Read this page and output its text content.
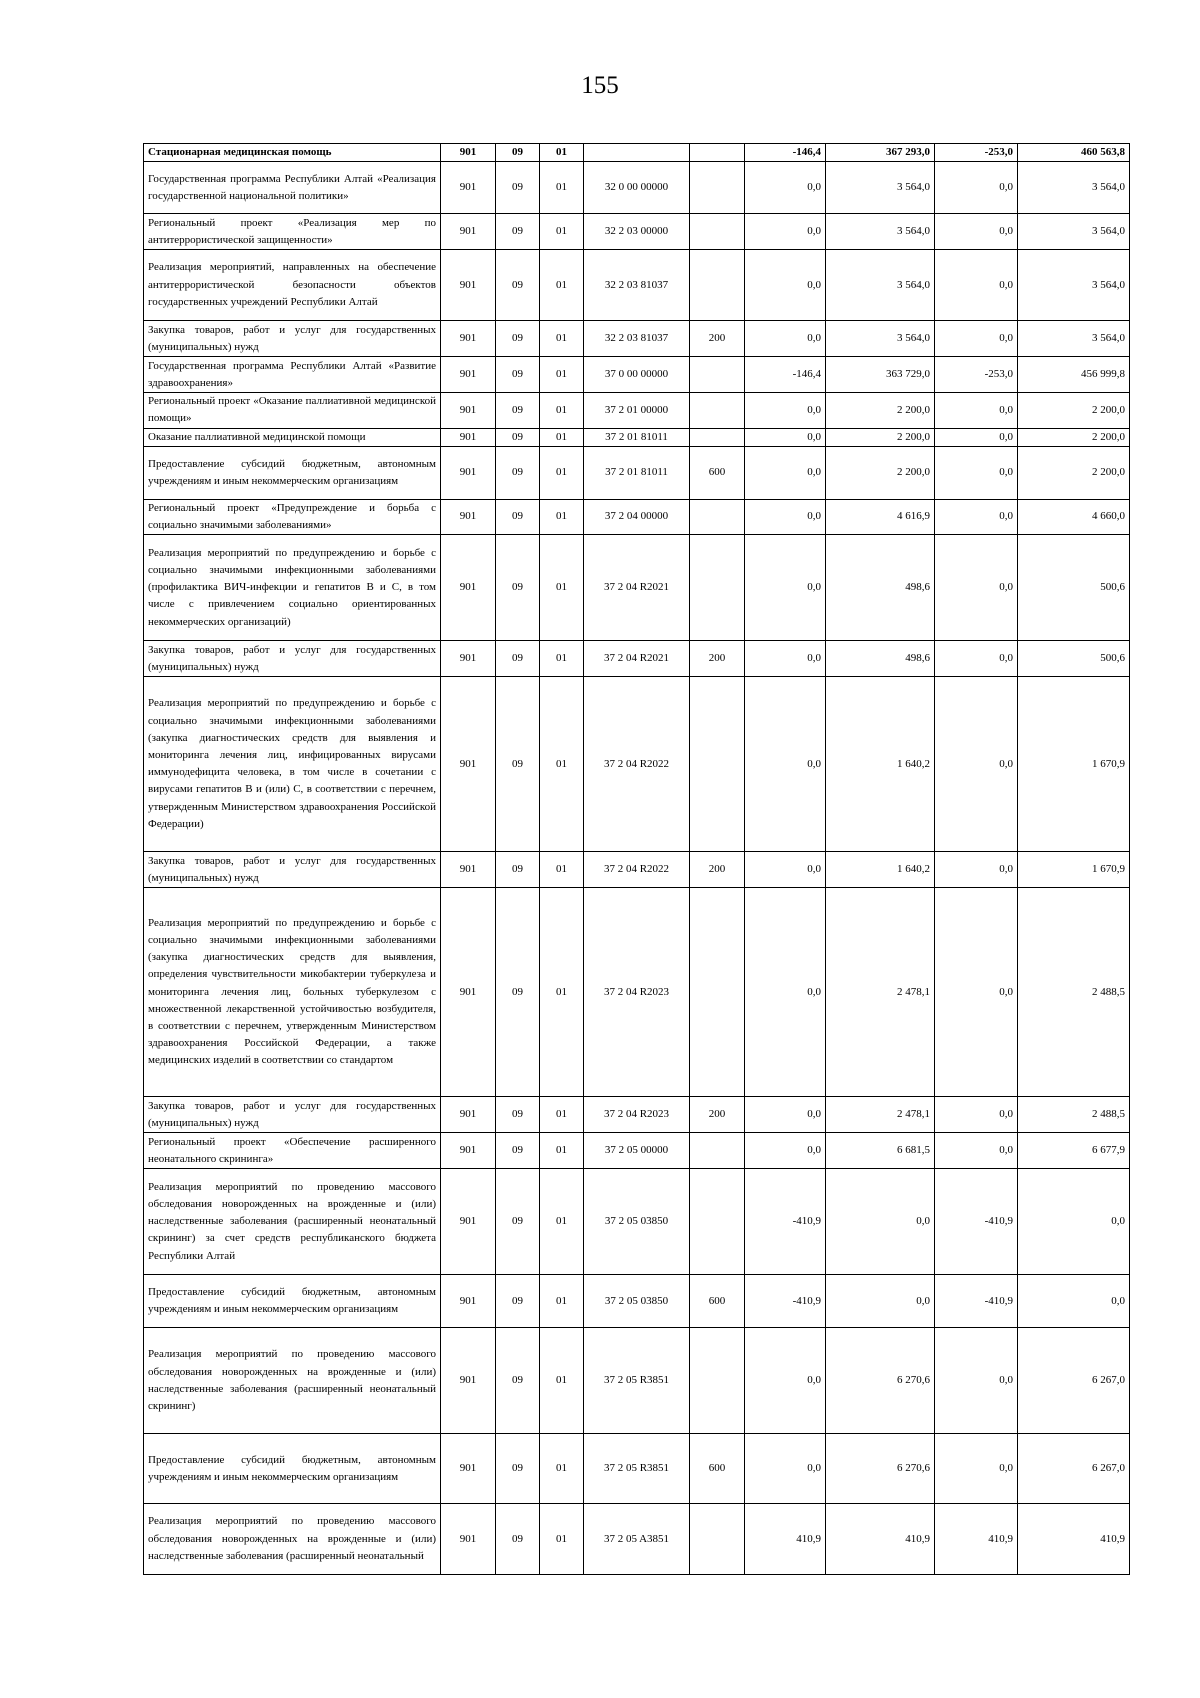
155
Стационарная медицинская помощь	901	09	01			-146,4	367 293,0	-253,0	460 563,8
Государственная программа Республики Алтай «Реализация государственной национальной политики»	901	09	01	32 0 00 00000		0,0	3 564,0	0,0	3 564,0
Региональный проект «Реализация мер по антитеррористической защищенности»	901	09	01	32 2 03 00000		0,0	3 564,0	0,0	3 564,0
Реализация мероприятий, направленных на обеспечение антитеррористической безопасности объектов государственных учреждений Республики Алтай	901	09	01	32 2 03 81037		0,0	3 564,0	0,0	3 564,0
Закупка товаров, работ и услуг для государственных (муниципальных) нужд	901	09	01	32 2 03 81037	200	0,0	3 564,0	0,0	3 564,0
Государственная программа Республики Алтай «Развитие здравоохранения»	901	09	01	37 0 00 00000		-146,4	363 729,0	-253,0	456 999,8
Региональный проект «Оказание паллиативной медицинской помощи»	901	09	01	37 2 01 00000		0,0	2 200,0	0,0	2 200,0
Оказание паллиативной медицинской помощи	901	09	01	37 2 01 81011		0,0	2 200,0	0,0	2 200,0
Предоставление субсидий бюджетным, автономным учреждениям и иным некоммерческим организациям	901	09	01	37 2 01 81011	600	0,0	2 200,0	0,0	2 200,0
Региональный проект «Предупреждение и борьба с социально значимыми заболеваниями»	901	09	01	37 2 04 00000		0,0	4 616,9	0,0	4 660,0
Реализация мероприятий по предупреждению и борьбе с социально значимыми инфекционными заболеваниями (профилактика ВИЧ-инфекции и гепатитов В и С, в том числе с привлечением социально ориентированных некоммерческих организаций)	901	09	01	37 2 04 R2021		0,0	498,6	0,0	500,6
Закупка товаров, работ и услуг для государственных (муниципальных) нужд	901	09	01	37 2 04 R2021	200	0,0	498,6	0,0	500,6
Реализация мероприятий по предупреждению и борьбе с социально значимыми инфекционными заболеваниями (закупка диагностических средств для выявления и мониторинга лечения лиц, инфицированных вирусами иммунодефицита человека, в том числе в сочетании с вирусами гепатитов В и (или) С, в соответствии с перечнем, утвержденным Министерством здравоохранения Российской Федерации)	901	09	01	37 2 04 R2022		0,0	1 640,2	0,0	1 670,9
Закупка товаров, работ и услуг для государственных (муниципальных) нужд	901	09	01	37 2 04 R2022	200	0,0	1 640,2	0,0	1 670,9
Реализация мероприятий по предупреждению и борьбе с социально значимыми инфекционными заболеваниями (закупка диагностических средств для выявления, определения чувствительности микобактерии туберкулеза и мониторинга лечения лиц, больных туберкулезом с множественной лекарственной устойчивостью возбудителя, в соответствии с перечнем, утвержденным Министерством здравоохранения Российской Федерации, а также медицинских изделий в соответствии со стандартом	901	09	01	37 2 04 R2023		0,0	2 478,1	0,0	2 488,5
Закупка товаров, работ и услуг для государственных (муниципальных) нужд	901	09	01	37 2 04 R2023	200	0,0	2 478,1	0,0	2 488,5
Региональный проект «Обеспечение расширенного неонатального скрининга»	901	09	01	37 2 05 00000		0,0	6 681,5	0,0	6 677,9
Реализация мероприятий по проведению массового обследования новорожденных на врожденные и (или) наследственные заболевания (расширенный неонатальный скрининг) за счет средств республиканского бюджета Республики Алтай	901	09	01	37 2 05 03850		-410,9	0,0	-410,9	0,0
Предоставление субсидий бюджетным, автономным учреждениям и иным некоммерческим организациям	901	09	01	37 2 05 03850	600	-410,9	0,0	-410,9	0,0
Реализация мероприятий по проведению массового обследования новорожденных на врожденные и (или) наследственные заболевания (расширенный неонатальный скрининг)	901	09	01	37 2 05 R3851		0,0	6 270,6	0,0	6 267,0
Предоставление субсидий бюджетным, автономным учреждениям и иным некоммерческим организациям	901	09	01	37 2 05 R3851	600	0,0	6 270,6	0,0	6 267,0
Реализация мероприятий по проведению массового обследования новорожденных на врожденные и (или) наследственные заболевания (расширенный неонатальный	901	09	01	37 2 05 A3851		410,9	410,9	410,9	410,9
